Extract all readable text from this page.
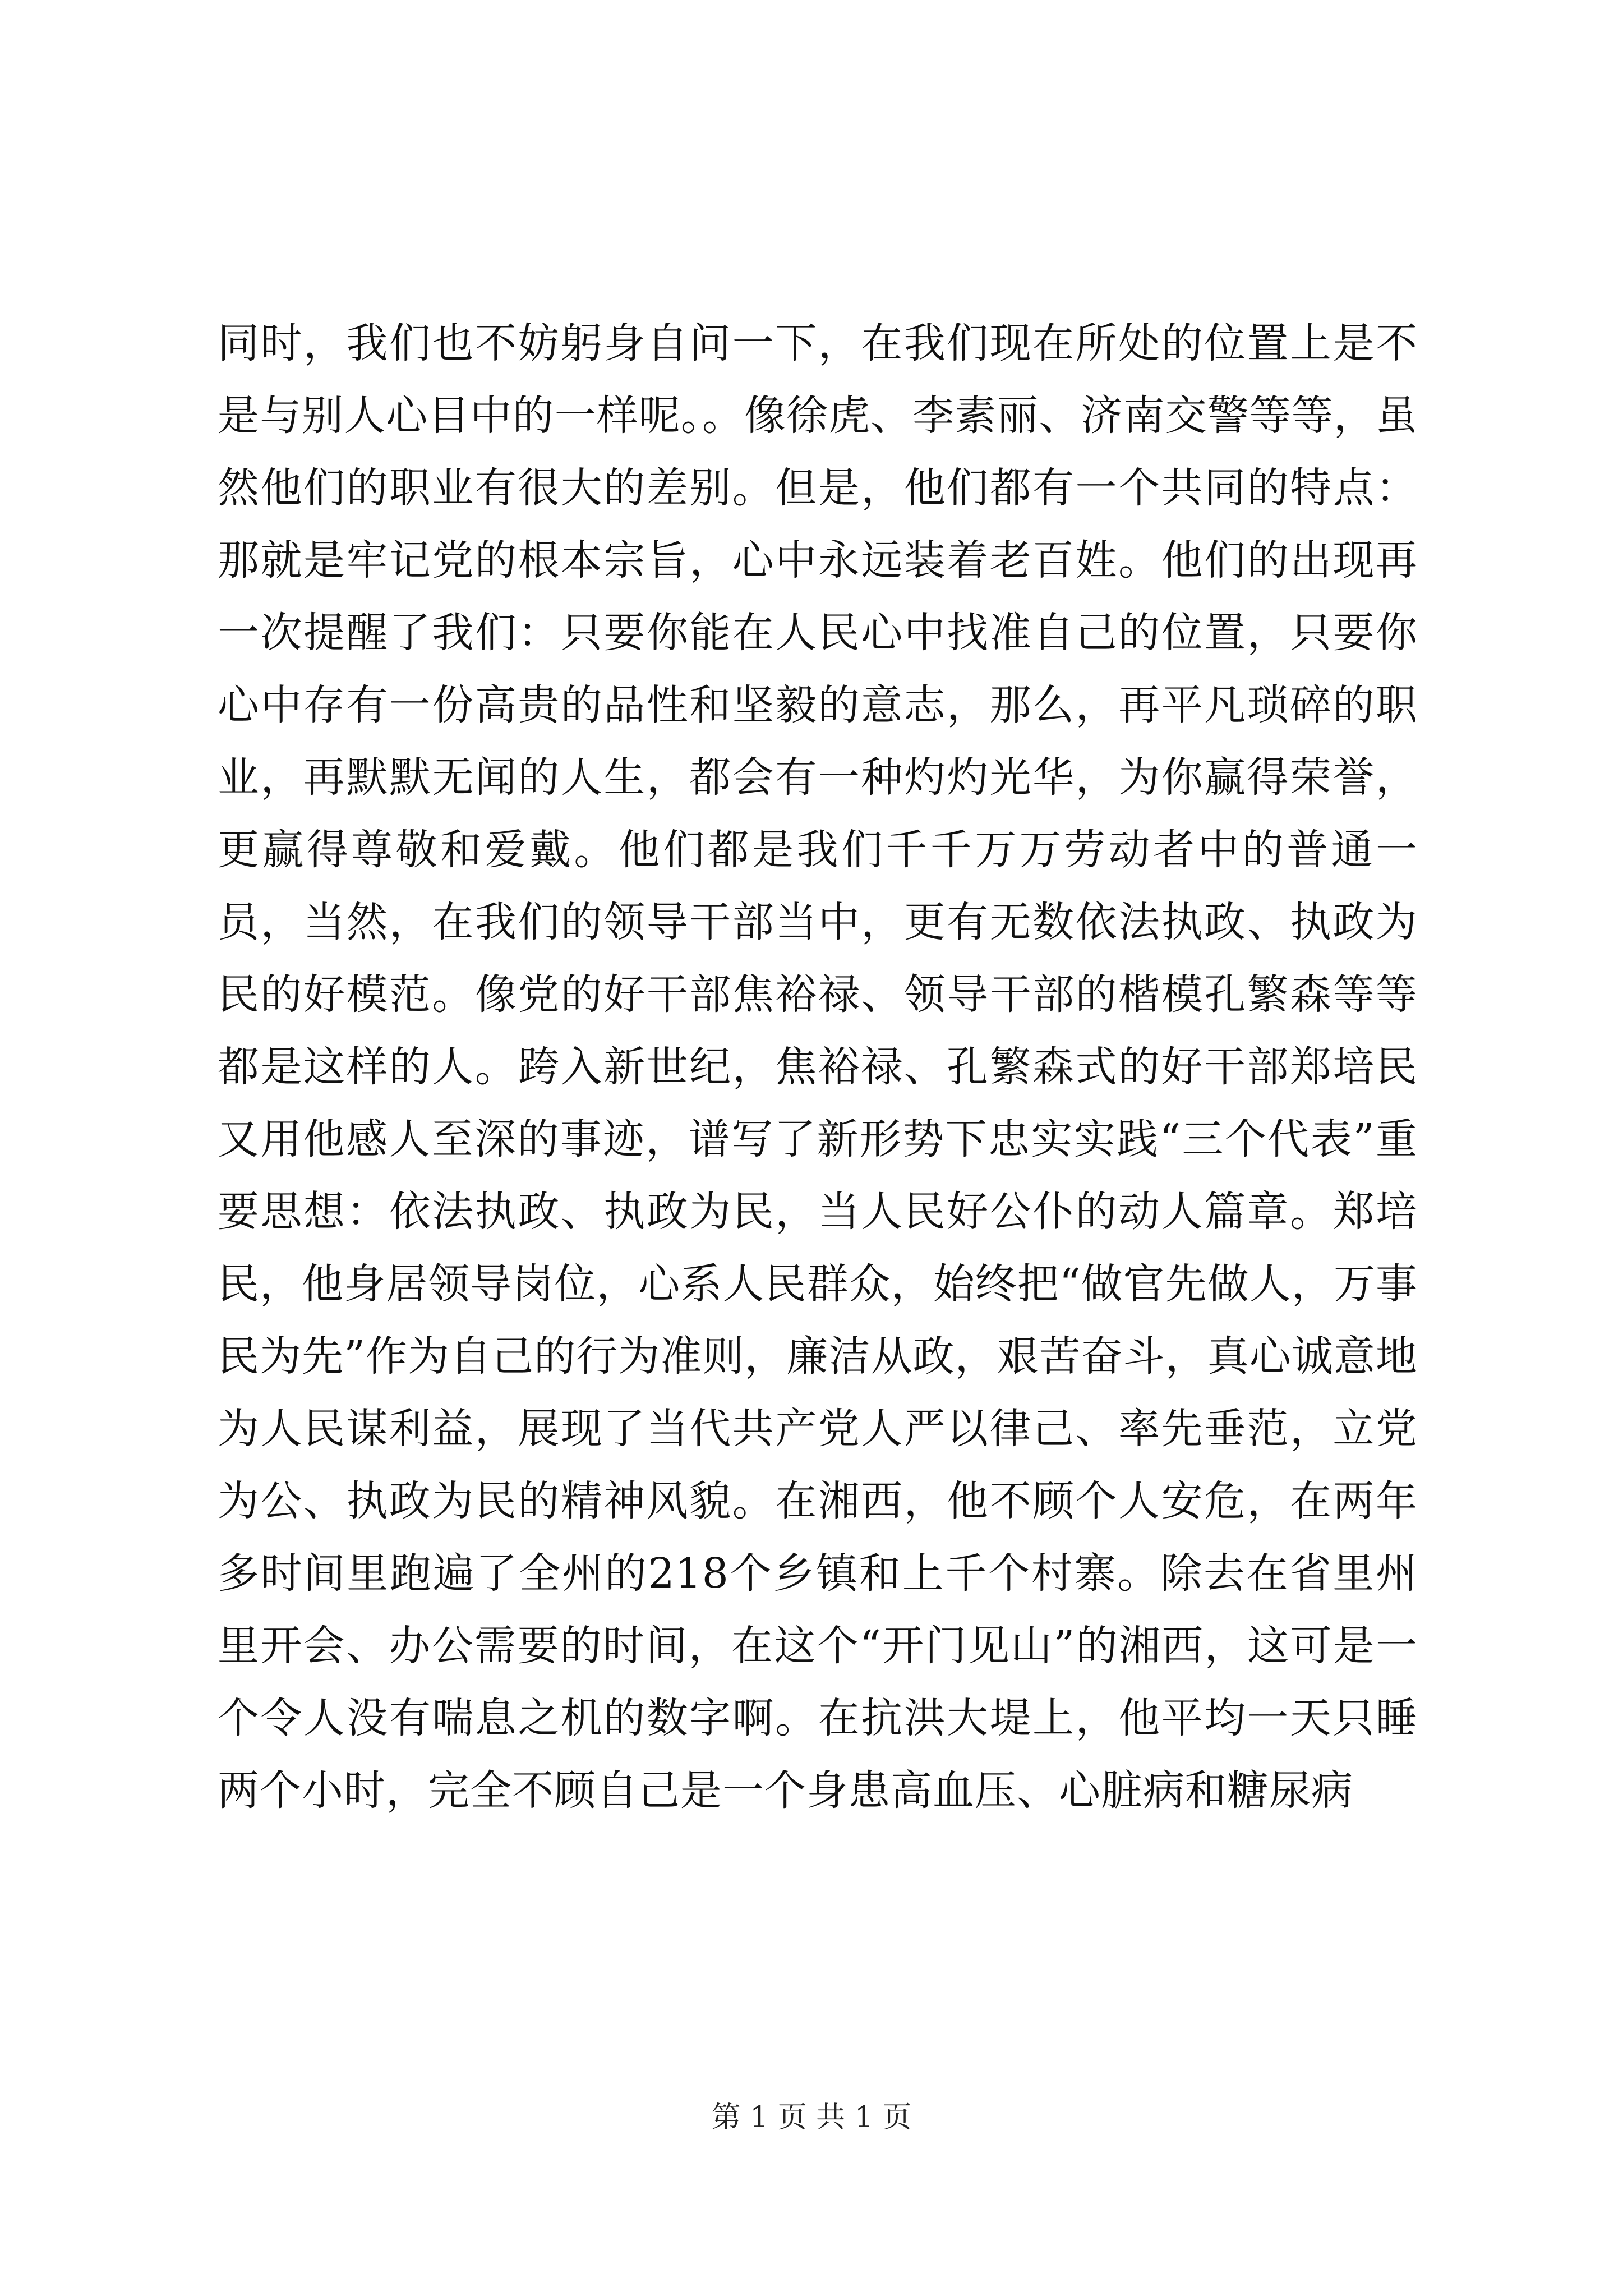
同时，我们也不妨躬身自问一下，在我们现在所处的位置上是不是与别人心目中的一样呢。。像徐虎、李素丽、济南交警等等，虽然他们的职业有很大的差别。但是，他们都有一个共同的特点：那就是牢记党的根本宗旨，心中永远装着老百姓。他们的出现再一次提醒了我们：只要你能在人民心中找准自己的位置，只要你心中存有一份高贵的品性和坚毅的意志，那么，再平凡琐碎的职业，再默默无闻的人生，都会有一种灼灼光华，为你赢得荣誉，更赢得尊敬和爱戴。他们都是我们千千万万劳动者中的普通一员，当然，在我们的领导干部当中，更有无数依法执政、执政为民的好模范。像党的好干部焦裕禄、领导干部的楷模孔繁森等等都是这样的人。跨入新世纪，焦裕禄、孔繁森式的好干部郑培民又用他感人至深的事迹，谱写了新形势下忠实实践“三个代表”重要思想：依法执政、执政为民，当人民好公仆的动人篇章。郑培民，他身居领导岗位，心系人民群众，始终把“做官先做人，万事民为先”作为自己的行为准则，廉洁从政，艰苦奋斗，真心诚意地为人民谋利益，展现了当代共产党人严以律己、率先垂范，立党为公、执政为民的精神风貌。在湘西，他不顾个人安危，在两年多时间里跑遍了全州的218个乡镇和上千个村寨。除去在省里州里开会、办公需要的时间，在这个“开门见山”的湘西，这可是一个令人没有喘息之机的数字啊。在抗洪大堤上，他平均一天只睡两个小时，完全不顾自己是一个身患高血压、心脏病和糖尿病

第 1 页 共 1 页
